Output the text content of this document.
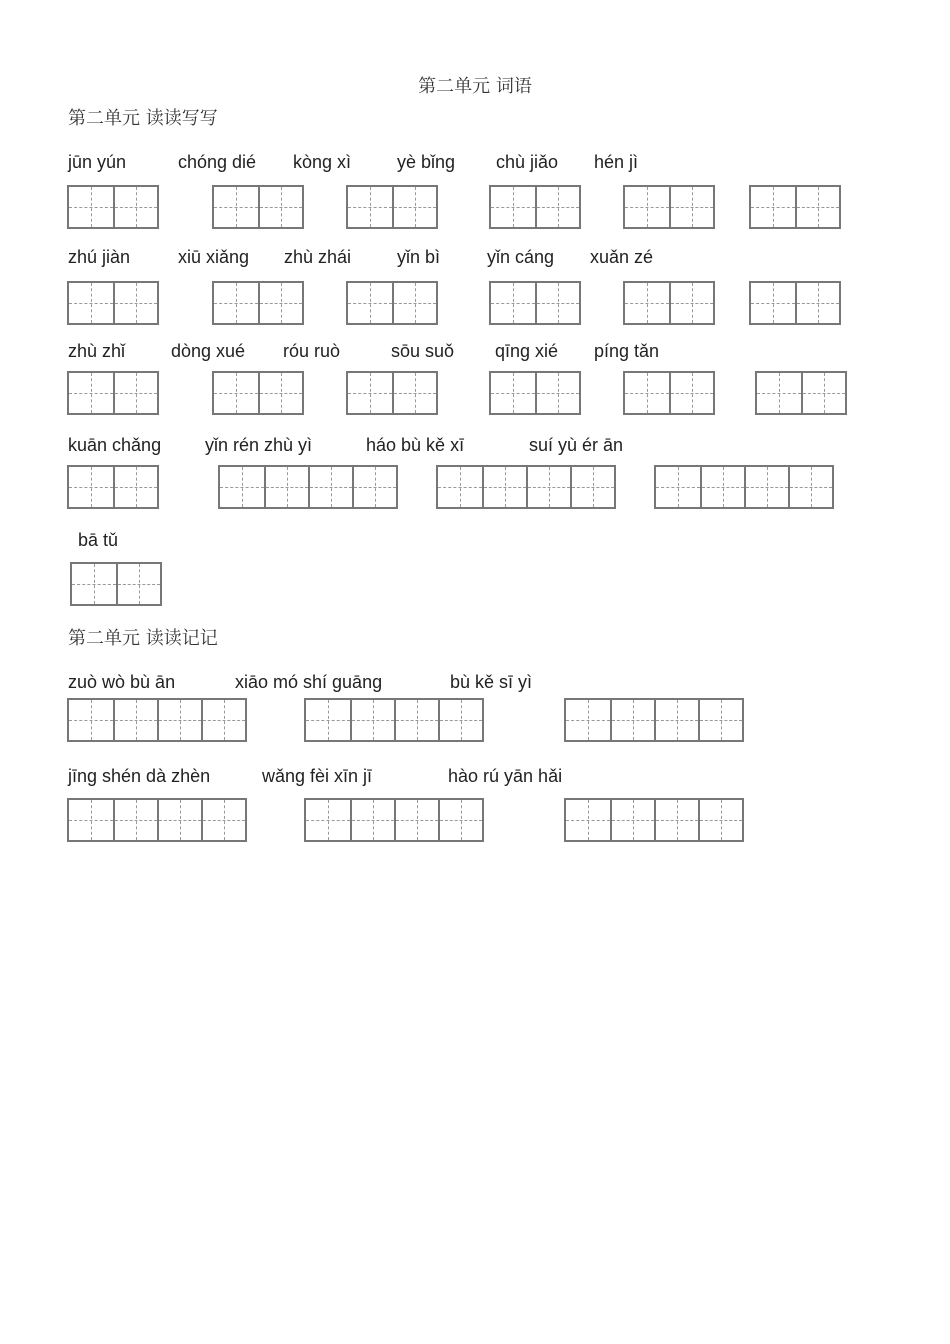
第二单元 词语
第二单元 读读写写
jūn yún	chóng dié kòng xì	yè bǐng chù jiǎo hén jì
zhú jiàn	xiū xiǎng zhù zhái	yǐn bì	yǐn cáng xuǎn zé
zhù zhǐ	dòng xué róu ruò	sōu suǒ qīng xié píng tǎn
kuān chǎng yǐn rén zhù yì	háo bù kě xī	suí yù ér ān
bā tǔ
第二单元 读读记记
zuò wò bù ān	xiāo mó shí guāng	bù kě sī yì
jīng shén dà zhèn	wǎng fèi xīn jī	hào rú yān hǎi
